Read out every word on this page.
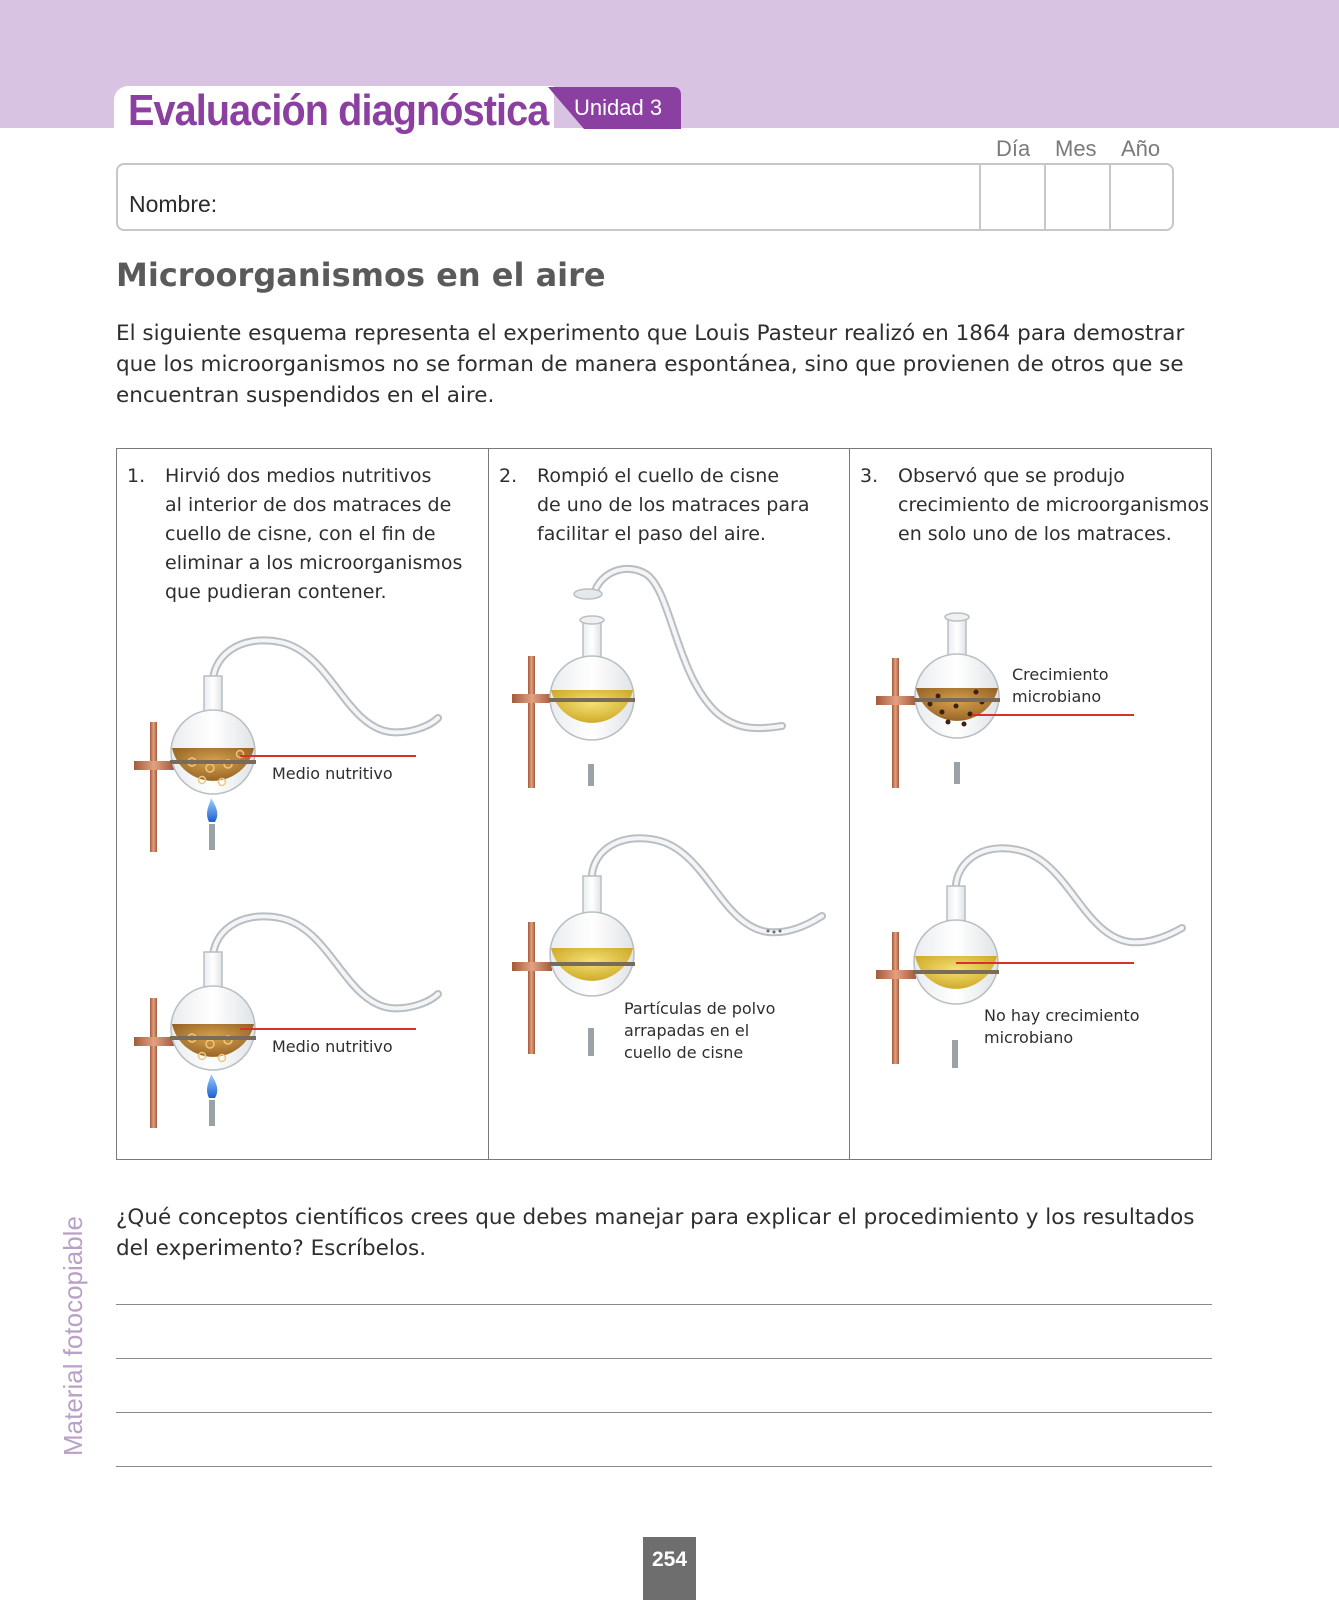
Evaluación diagnóstica Unidad 3
Día Mes Año
Nombre:
Microorganismos en el aire
El siguiente esquema representa el experimento que Louis Pasteur realizó en 1864 para demostrar que los microorganismos no se forman de manera espontánea, sino que provienen de otros que se encuentran suspendidos en el aire.
1. Hirvió dos medios nutritivos
al interior de dos matraces de
cuello de cisne, con el fin de
eliminar a los microorganismos
que pudieran contener.
2. Rompió el cuello de cisne
de uno de los matraces para
facilitar el paso del aire.
3. Observó que se produjo
crecimiento de microorganismos
en solo uno de los matraces.
Medio nutritivo
Medio nutritivo
Partículas de polvo
arrapadas en el
cuello de cisne
Crecimiento
microbiano
No hay crecimiento
microbiano
¿Qué conceptos científicos crees que debes manejar para explicar el procedimiento y los resultados del experimento? Escríbelos.
Material fotocopiable
254
